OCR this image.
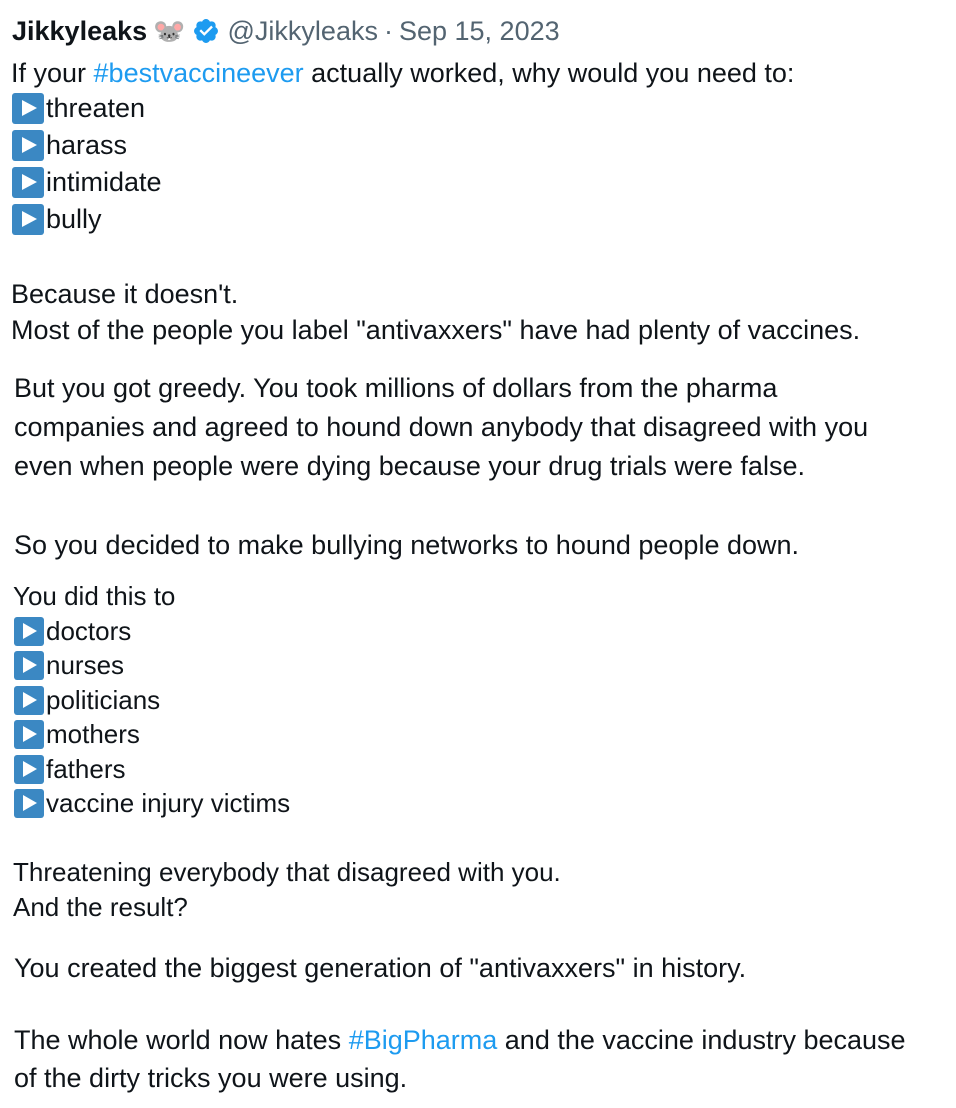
Jikkyleaks 🐭 @Jikkyleaks · Sep 15, 2023
If your #bestvaccineever actually worked, why would you need to:
threaten
harass
intimidate
bully
Because it doesn't.
Most of the people you label "antivaxxers" have had plenty of vaccines.
But you got greedy. You took millions of dollars from the pharma
companies and agreed to hound down anybody that disagreed with you
even when people were dying because your drug trials were false.
So you decided to make bullying networks to hound people down.
You did this to
doctors
nurses
politicians
mothers
fathers
vaccine injury victims
Threatening everybody that disagreed with you.
And the result?
You created the biggest generation of "antivaxxers" in history.
The whole world now hates #BigPharma and the vaccine industry because
of the dirty tricks you were using.
